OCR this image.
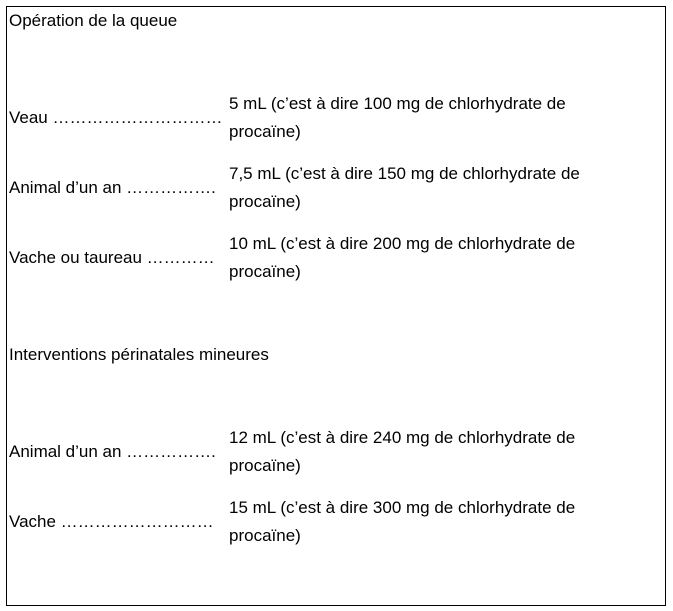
Opération de la queue
Veau …………………………
5 mL (c’est à dire 100 mg de chlorhydrate de procaïne)
Animal d’un an …………….
7,5 mL (c’est à dire 150 mg de chlorhydrate de procaïne)
Vache ou taureau …………
10 mL (c’est à dire 200 mg de chlorhydrate de procaïne)
Interventions périnatales mineures
Animal d’un an …………….
12 mL (c’est à dire 240 mg de chlorhydrate de procaïne)
Vache ………………………
15 mL (c’est à dire 300 mg de chlorhydrate de procaïne)
